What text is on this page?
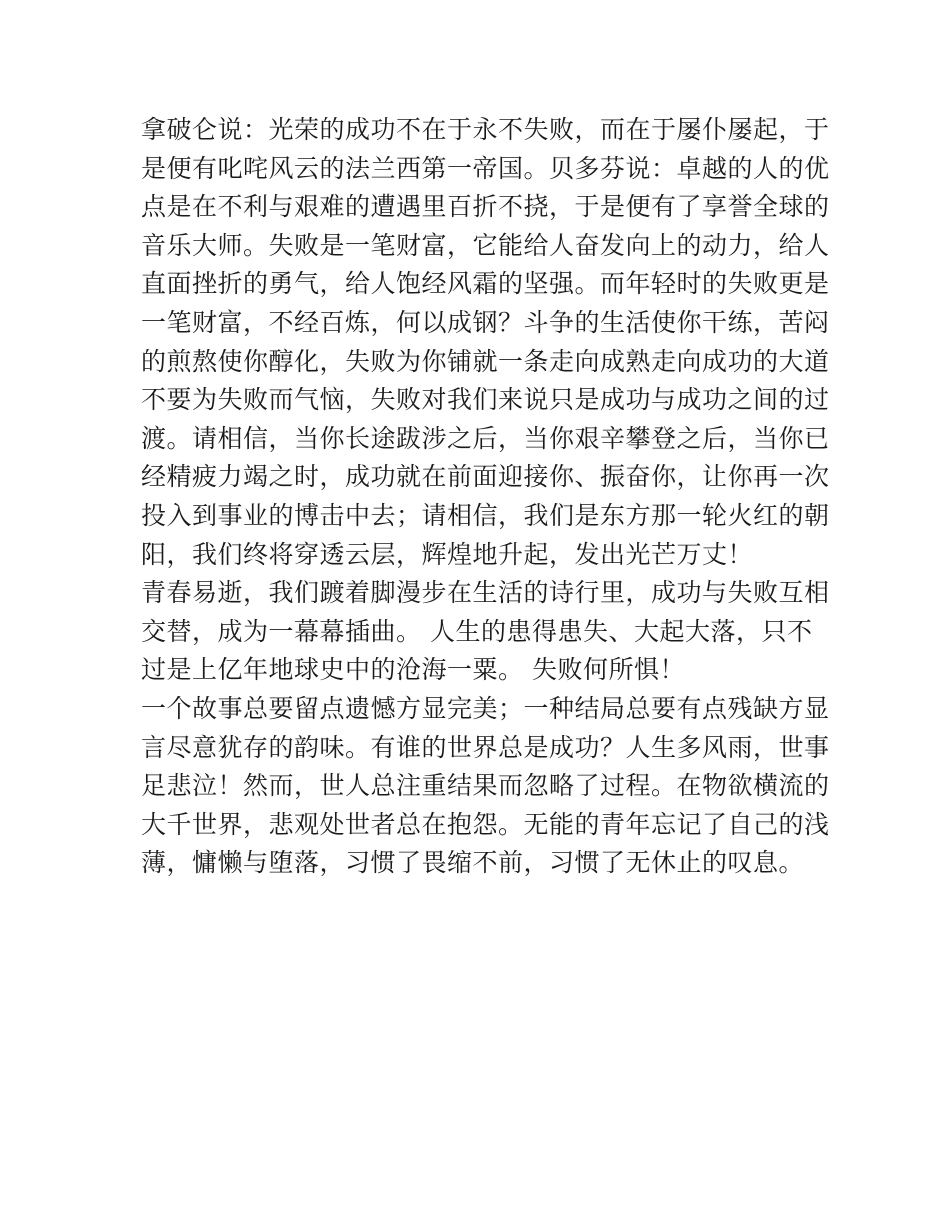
拿破仑说：光荣的成功不在于永不失败，而在于屡仆屡起，于
是便有叱咤风云的法兰西第一帝国。贝多芬说：卓越的人的优
点是在不利与艰难的遭遇里百折不挠，于是便有了享誉全球的
音乐大师。失败是一笔财富，它能给人奋发向上的动力，给人
直面挫折的勇气，给人饱经风霜的坚强。而年轻时的失败更是
一笔财富，不经百炼，何以成钢？斗争的生活使你干练，苦闷
的煎熬使你醇化，失败为你铺就一条走向成熟走向成功的大道
不要为失败而气恼，失败对我们来说只是成功与成功之间的过
渡。请相信，当你长途跋涉之后，当你艰辛攀登之后，当你已
经精疲力竭之时，成功就在前面迎接你、振奋你，让你再一次
投入到事业的博击中去；请相信，我们是东方那一轮火红的朝
阳，我们终将穿透云层，辉煌地升起，发出光芒万丈！
青春易逝，我们踱着脚漫步在生活的诗行里，成功与失败互相
交替，成为一幕幕插曲。 人生的患得患失、大起大落，只不
过是上亿年地球史中的沧海一粟。 失败何所惧！
一个故事总要留点遗憾方显完美；一种结局总要有点残缺方显
言尽意犹存的韵味。有谁的世界总是成功？人生多风雨，世事
足悲泣！然而，世人总注重结果而忽略了过程。在物欲横流的
大千世界，悲观处世者总在抱怨。无能的青年忘记了自己的浅
薄，慵懒与堕落，习惯了畏缩不前，习惯了无休止的叹息。
